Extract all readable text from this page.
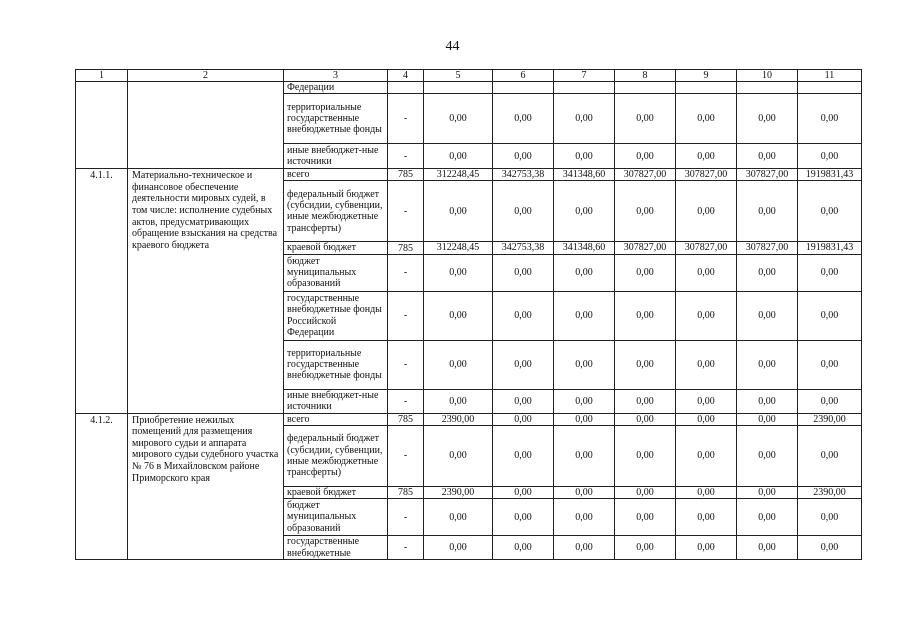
44
1	2	3	4	5	6	7	8	9	10	11
		Федерации								
		территориальные государственные внебюджетные фонды	-	0,00	0,00	0,00	0,00	0,00	0,00	0,00
		иные внебюджет-ные источники	-	0,00	0,00	0,00	0,00	0,00	0,00	0,00
4.1.1.	Материально-техническое и финансовое обеспечение деятельности мировых судей, в том числе: исполнение судебных актов, предусматривающих обращение взыскания на средства краевого бюджета	всего	785	312248,45	342753,38	341348,60	307827,00	307827,00	307827,00	1919831,43
		федеральный бюджет (субсидии, субвенции, иные межбюджетные трансферты)	-	0,00	0,00	0,00	0,00	0,00	0,00	0,00
		краевой бюджет	785	312248,45	342753,38	341348,60	307827,00	307827,00	307827,00	1919831,43
		бюджет муниципальных образований	-	0,00	0,00	0,00	0,00	0,00	0,00	0,00
		государственные внебюджетные фонды Российской Федерации	-	0,00	0,00	0,00	0,00	0,00	0,00	0,00
		территориальные государственные внебюджетные фонды	-	0,00	0,00	0,00	0,00	0,00	0,00	0,00
		иные внебюджет-ные источники	-	0,00	0,00	0,00	0,00	0,00	0,00	0,00
4.1.2.	Приобретение нежилых помещений для размещения мирового судьи и аппарата мирового судьи судебного участка № 76 в Михайловском районе Приморского края	всего	785	2390,00	0,00	0,00	0,00	0,00	0,00	2390,00
		федеральный бюджет (субсидии, субвенции, иные межбюджетные трансферты)	-	0,00	0,00	0,00	0,00	0,00	0,00	0,00
		краевой бюджет	785	2390,00	0,00	0,00	0,00	0,00	0,00	2390,00
		бюджет муниципальных образований	-	0,00	0,00	0,00	0,00	0,00	0,00	0,00
		государственные внебюджетные	-	0,00	0,00	0,00	0,00	0,00	0,00	0,00
